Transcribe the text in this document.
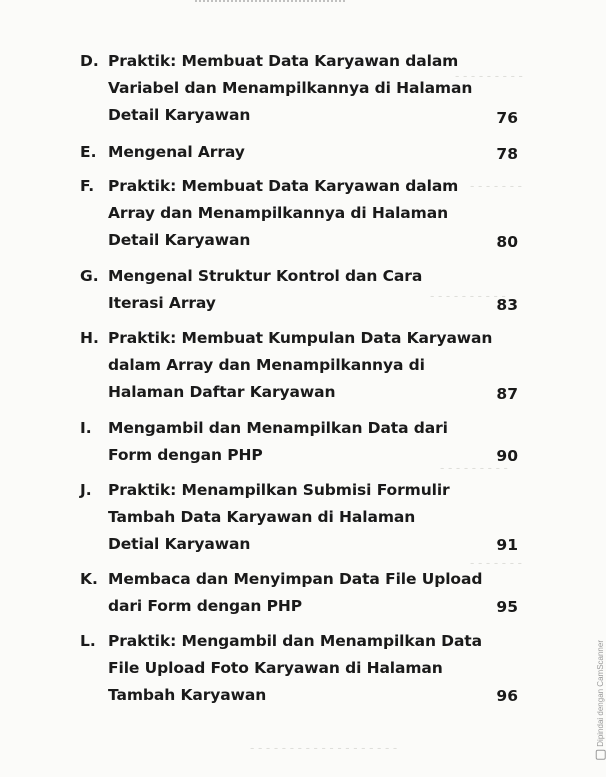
- - - - - - - - -
- - - - - - -
- - - - - - - - - -
- - - - - - - - -
- - - - - - -
- - - - - - - - - - - - - - - - - - -
D. Praktik: Membuat Data Karyawan dalam
Variabel dan Menampilkannya di Halaman
Detail Karyawan	76
E. Mengenal Array	78
F. Praktik: Membuat Data Karyawan dalam
Array dan Menampilkannya di Halaman
Detail Karyawan	80
G. Mengenal Struktur Kontrol dan Cara
Iterasi Array	83
H. Praktik: Membuat Kumpulan Data Karyawan
dalam Array dan Menampilkannya di
Halaman Daftar Karyawan	87
I. Mengambil dan Menampilkan Data dari
Form dengan PHP	90
J. Praktik: Menampilkan Submisi Formulir
Tambah Data Karyawan di Halaman
Detial Karyawan	91
K. Membaca dan Menyimpan Data File Upload
dari Form dengan PHP	95
L. Praktik: Mengambil dan Menampilkan Data
File Upload Foto Karyawan di Halaman
Tambah Karyawan	96	Dipindai dengan CamScanner
